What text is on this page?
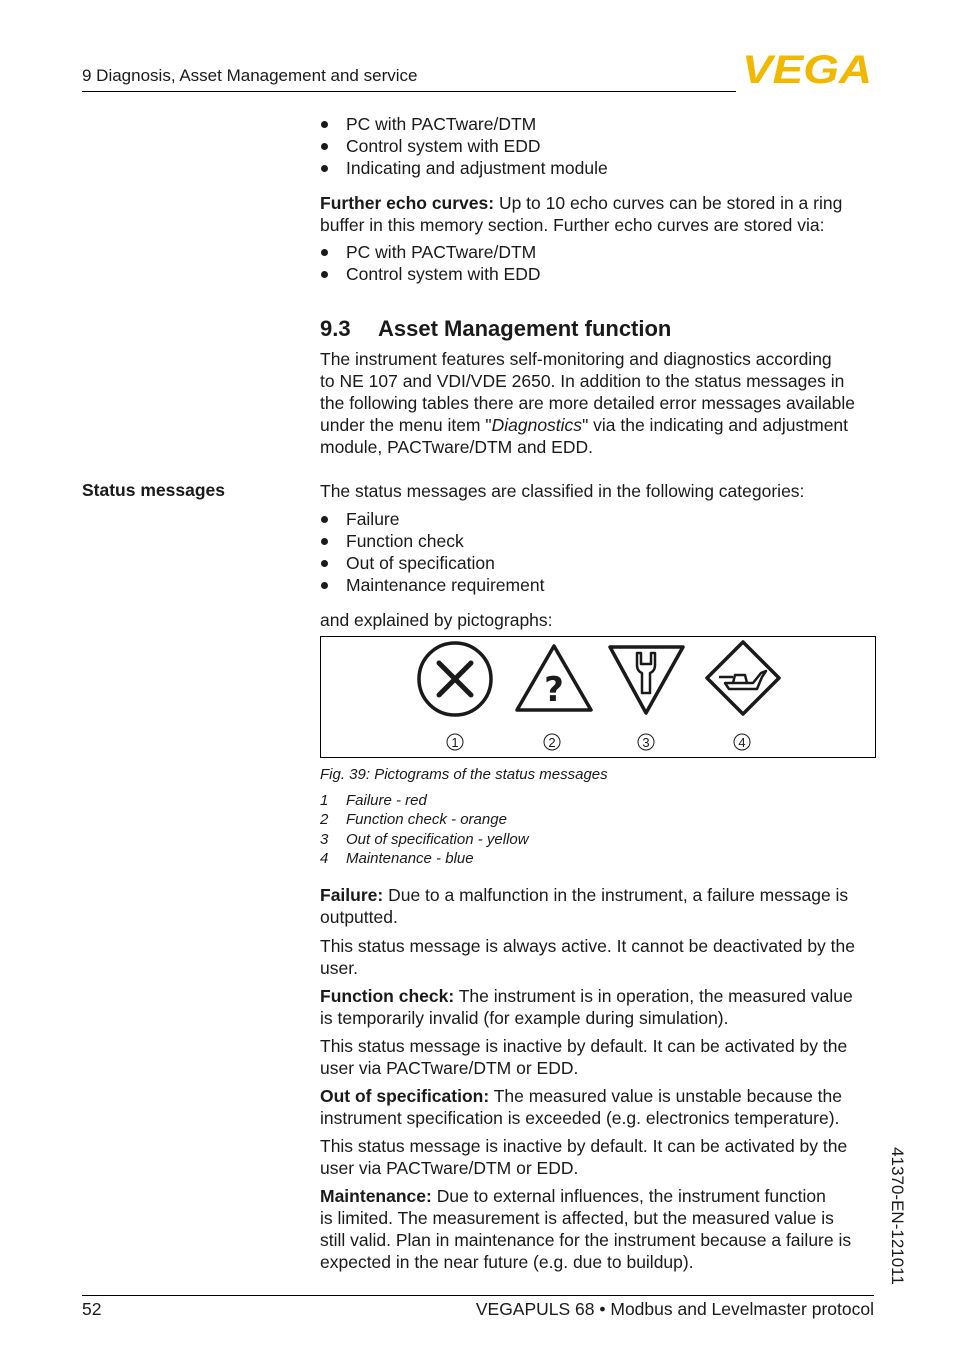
9 Diagnosis, Asset Management and service	VEGA
PC with PACTware/DTM
Control system with EDD
Indicating and adjustment module
Further echo curves: Up to 10 echo curves can be stored in a ring
buffer in this memory section. Further echo curves are stored via:
PC with PACTware/DTM
Control system with EDD
9.3 Asset Management function
The instrument features self-monitoring and diagnostics according
to NE 107 and VDI/VDE 2650. In addition to the status messages in
the following tables there are more detailed error messages available
under the menu item "Diagnostics" via the indicating and adjustment
module, PACTware/DTM and EDD.
Status messages	The status messages are classified in the following categories:
Failure
Function check
Out of specification
Maintenance requirement
and explained by pictographs:
?
1	2	3	4
Fig. 39: Pictograms of the status messages
1 Failure - red
2 Function check - orange
3 Out of specification - yellow
4 Maintenance - blue
Failure: Due to a malfunction in the instrument, a failure message is
outputted.
This status message is always active. It cannot be deactivated by the
user.
Function check: The instrument is in operation, the measured value
is temporarily invalid (for example during simulation).
This status message is inactive by default. It can be activated by the
user via PACTware/DTM or EDD.
Out of specification: The measured value is unstable because the
instrument specification is exceeded (e.g. electronics temperature).
This status message is inactive by default. It can be activated by the
user via PACTware/DTM or EDD.
Maintenance: Due to external influences, the instrument function
is limited. The measurement is affected, but the measured value is
still valid. Plan in maintenance for the instrument because a failure is
expected in the near future (e.g. due to buildup).	41370-EN-121011
52	VEGAPULS 68 • Modbus and Levelmaster protocol
